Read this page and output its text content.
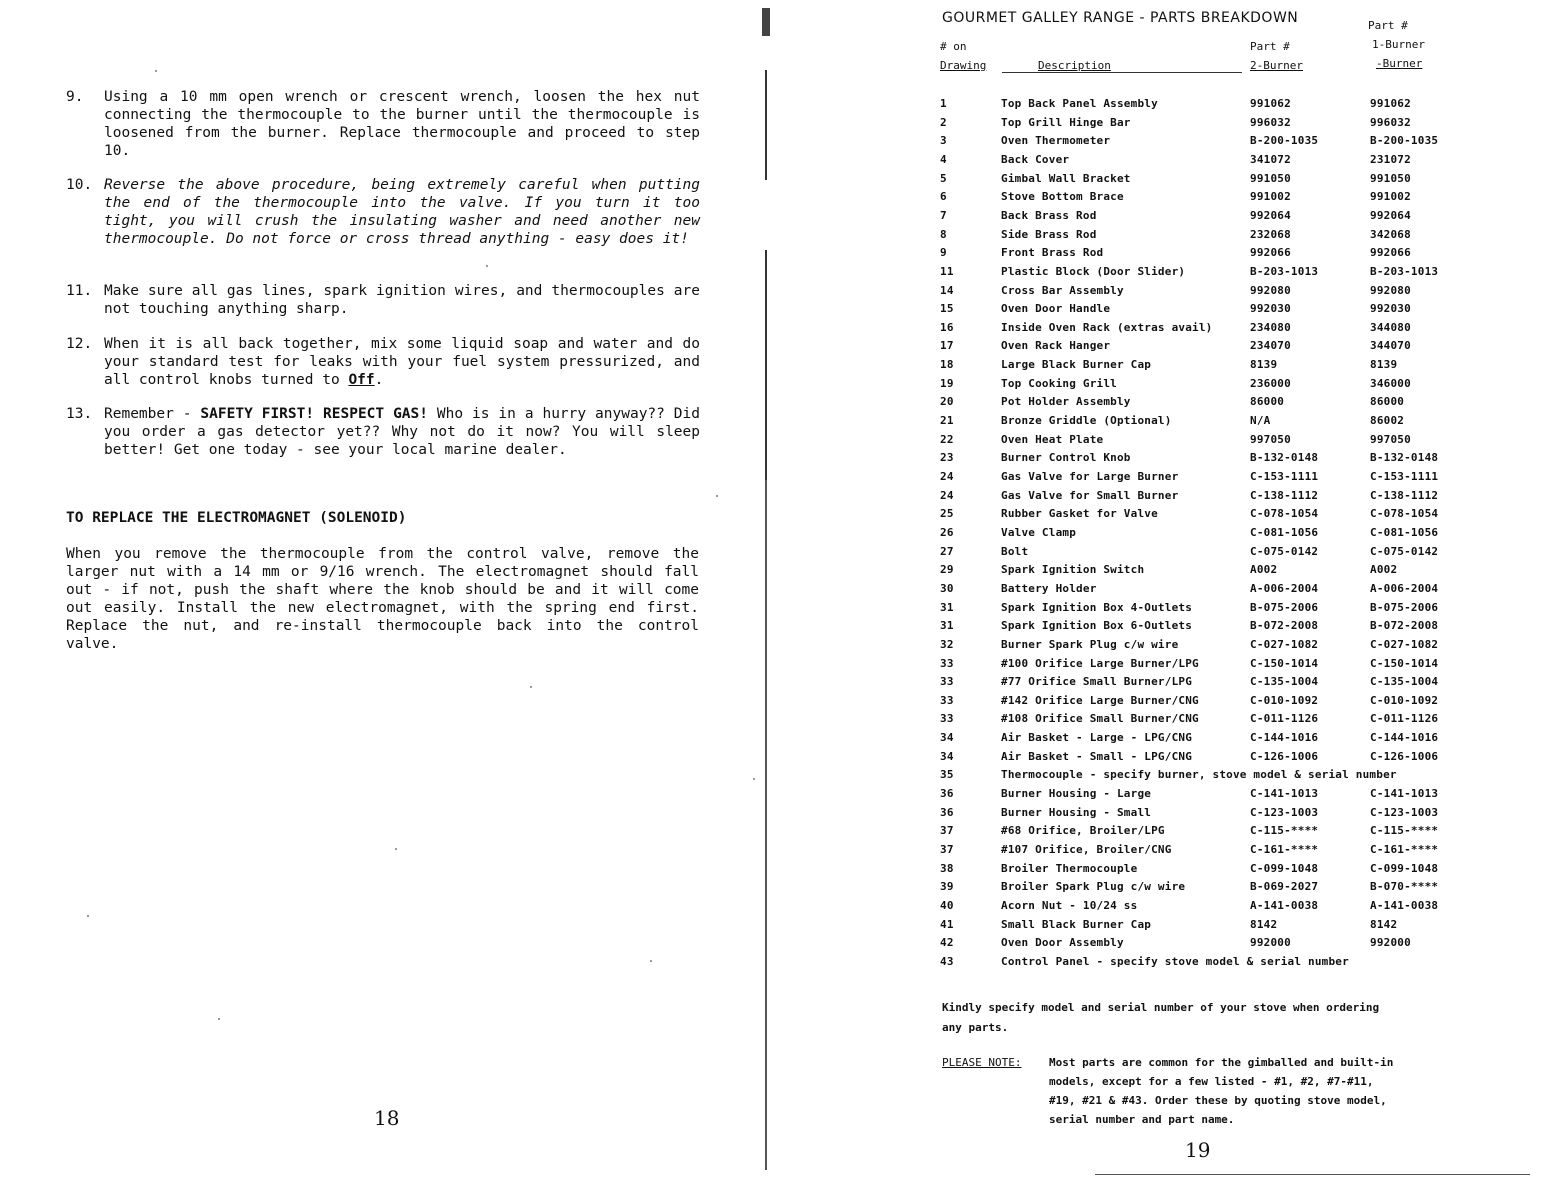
9.

	Using a 10 mm open wrench or crescent wrench, loosen the hex nut connecting the thermocouple to the burner until the thermocouple is loosened from the burner. Replace thermocouple and proceed to step 10.

10.

Reverse the above procedure, being extremely careful when putting the end of the thermocouple into the valve. If you turn it too tight, you will crush the insulating washer and need another new thermocouple. Do not force or cross thread anything - easy does it!

11.

Make sure all gas lines, spark ignition wires, and thermocouples are not touching anything sharp.

12.

When it is all back together, mix some liquid soap and water and do your standard test for leaks with your fuel system pressurized, and all control knobs turned to Off.

13.

Remember - SAFETY FIRST! RESPECT GAS! Who is in a hurry anyway?? Did you order a gas detector yet?? Why not do it now? You will sleep better! Get one today - see your local marine dealer.

TO REPLACE THE ELECTROMAGNET (SOLENOID)
When you remove the thermocouple from the control valve, remove the larger nut with a 14 mm or 9/16 wrench. The electromagnet should fall out - if not, push the shaft where the knob should be and it will come out easily. Install the new electromagnet, with the spring end first. Replace the nut, and re-install thermocouple back into the control valve.
18
GOURMET GALLEY RANGE - PARTS BREAKDOWN
# on
Drawing	Description
Part #
2-Burner
Part #
1-Burner
-Burner
1	Top Back Panel Assembly	991062	991062
2	Top Grill Hinge Bar	996032	996032
3	Oven Thermometer	B-200-1035	B-200-1035
4	Back Cover	341072	231072
5	Gimbal Wall Bracket	991050	991050
6	Stove Bottom Brace	991002	991002
7	Back Brass Rod	992064	992064
8	Side Brass Rod	232068	342068
9	Front Brass Rod	992066	992066
11	Plastic Block (Door Slider)	B-203-1013	B-203-1013
14	Cross Bar Assembly	992080	992080
15	Oven Door Handle	992030	992030
16	Inside Oven Rack (extras avail)	234080	344080
17	Oven Rack Hanger	234070	344070
18	Large Black Burner Cap	8139	8139
19	Top Cooking Grill	236000	346000
20	Pot Holder Assembly	86000	86000
21	Bronze Griddle (Optional)	N/A	86002
22	Oven Heat Plate	997050	997050
23	Burner Control Knob	B-132-0148	B-132-0148
24	Gas Valve for Large Burner	C-153-1111	C-153-1111
24	Gas Valve for Small Burner	C-138-1112	C-138-1112
25	Rubber Gasket for Valve	C-078-1054	C-078-1054
26	Valve Clamp	C-081-1056	C-081-1056
27	Bolt	C-075-0142	C-075-0142
29	Spark Ignition Switch	A002	A002
30	Battery Holder	A-006-2004	A-006-2004
31	Spark Ignition Box 4-Outlets	B-075-2006	B-075-2006
31	Spark Ignition Box 6-Outlets	B-072-2008	B-072-2008
32	Burner Spark Plug c/w wire	C-027-1082	C-027-1082
33	#100 Orifice Large Burner/LPG	C-150-1014	C-150-1014
33	#77 Orifice Small Burner/LPG	C-135-1004	C-135-1004
33	#142 Orifice Large Burner/CNG	C-010-1092	C-010-1092
33	#108 Orifice Small Burner/CNG	C-011-1126	C-011-1126
34	Air Basket - Large - LPG/CNG	C-144-1016	C-144-1016
34	Air Basket - Small - LPG/CNG	C-126-1006	C-126-1006
35	Thermocouple - specify burner, stove model & serial number
36	Burner Housing - Large	C-141-1013	C-141-1013
36	Burner Housing - Small	C-123-1003	C-123-1003
37	#68 Orifice, Broiler/LPG	C-115-****	C-115-****
37	#107 Orifice, Broiler/CNG	C-161-****	C-161-****
38	Broiler Thermocouple	C-099-1048	C-099-1048
39	Broiler Spark Plug c/w wire	B-069-2027	B-070-****
40	Acorn Nut - 10/24 ss	A-141-0038	A-141-0038
41	Small Black Burner Cap	8142	8142
42	Oven Door Assembly	992000	992000
43	Control Panel - specify stove model & serial number
Kindly specify model and serial number of your stove when ordering
any parts.
PLEASE NOTE:	Most parts are common for the gimballed and built-in
models, except for a few listed - #1, #2, #7-#11,
#19, #21 & #43. Order these by quoting stove model,
serial number and part name.
19
